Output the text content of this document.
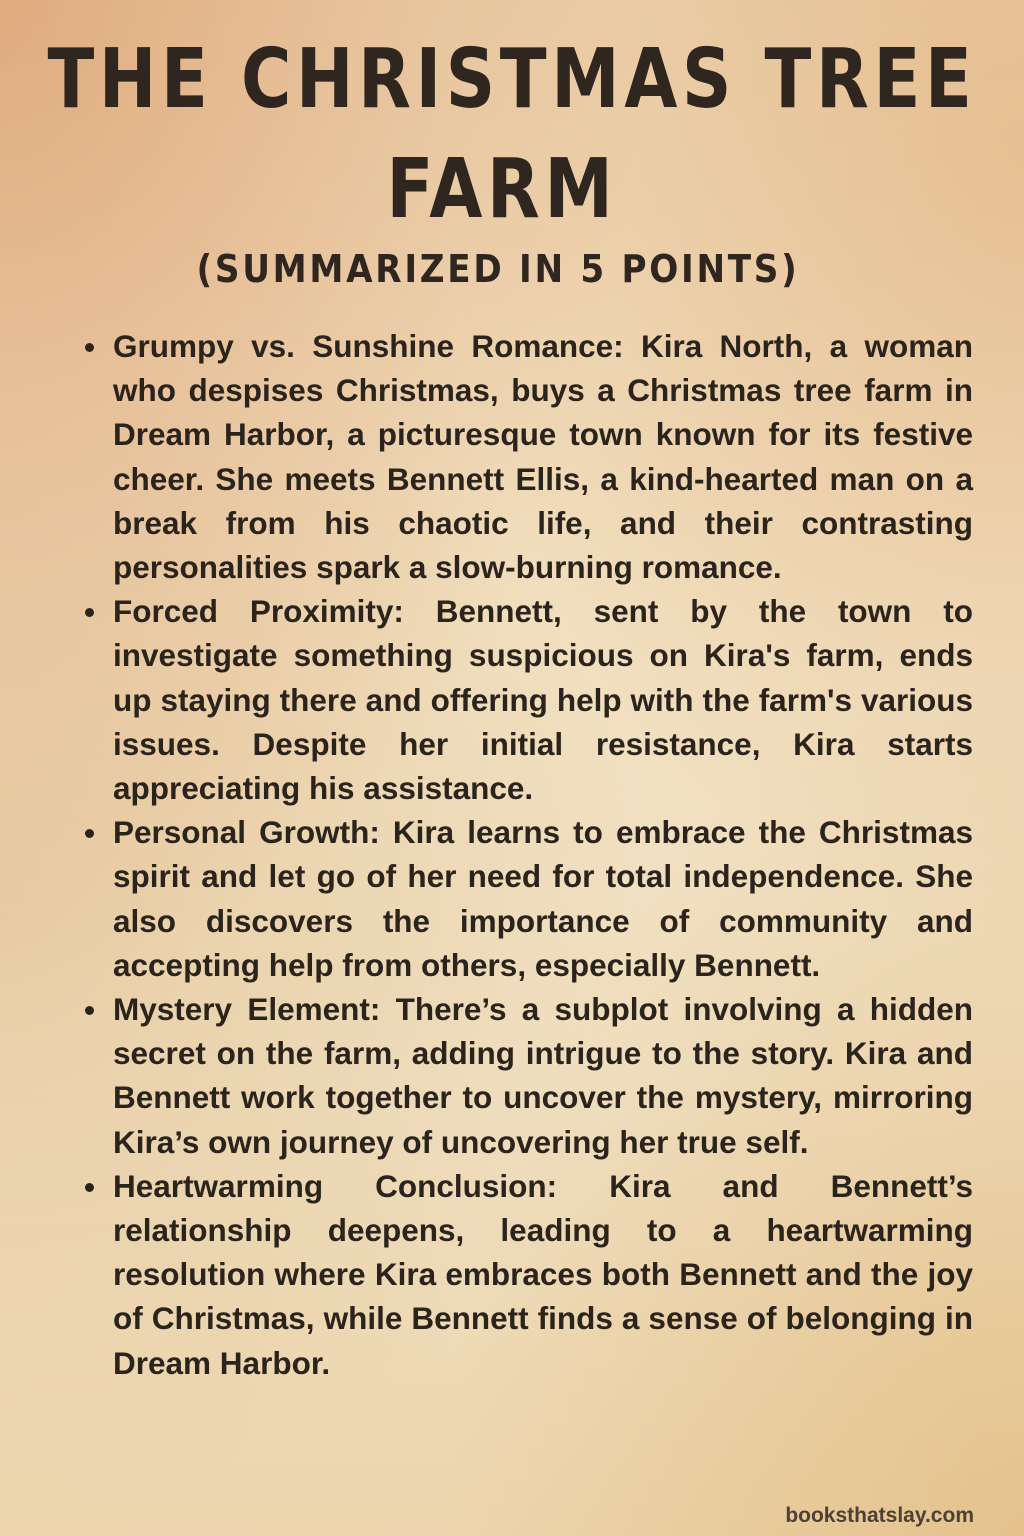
THE CHRISTMAS TREE
FARM
(SUMMARIZED IN 5 POINTS)
Grumpy vs. Sunshine Romance: Kira North, a woman who despises Christmas, buys a Christmas tree farm in Dream Harbor, a picturesque town known for its festive cheer. She meets Bennett Ellis, a kind-hearted man on a break from his chaotic life, and their contrasting personalities spark a slow-burning romance.
Forced Proximity: Bennett, sent by the town to investigate something suspicious on Kira's farm, ends up staying there and offering help with the farm's various issues. Despite her initial resistance, Kira starts appreciating his assistance.
Personal Growth: Kira learns to embrace the Christmas spirit and let go of her need for total independence. She also discovers the importance of community and accepting help from others, especially Bennett.
Mystery Element: There’s a subplot involving a hidden secret on the farm, adding intrigue to the story. Kira and Bennett work together to uncover the mystery, mirroring Kira’s own journey of uncovering her true self.
Heartwarming Conclusion: Kira and Bennett’s relationship deepens, leading to a heartwarming resolution where Kira embraces both Bennett and the joy of Christmas, while Bennett finds a sense of belonging in Dream Harbor.
booksthatslay.com
